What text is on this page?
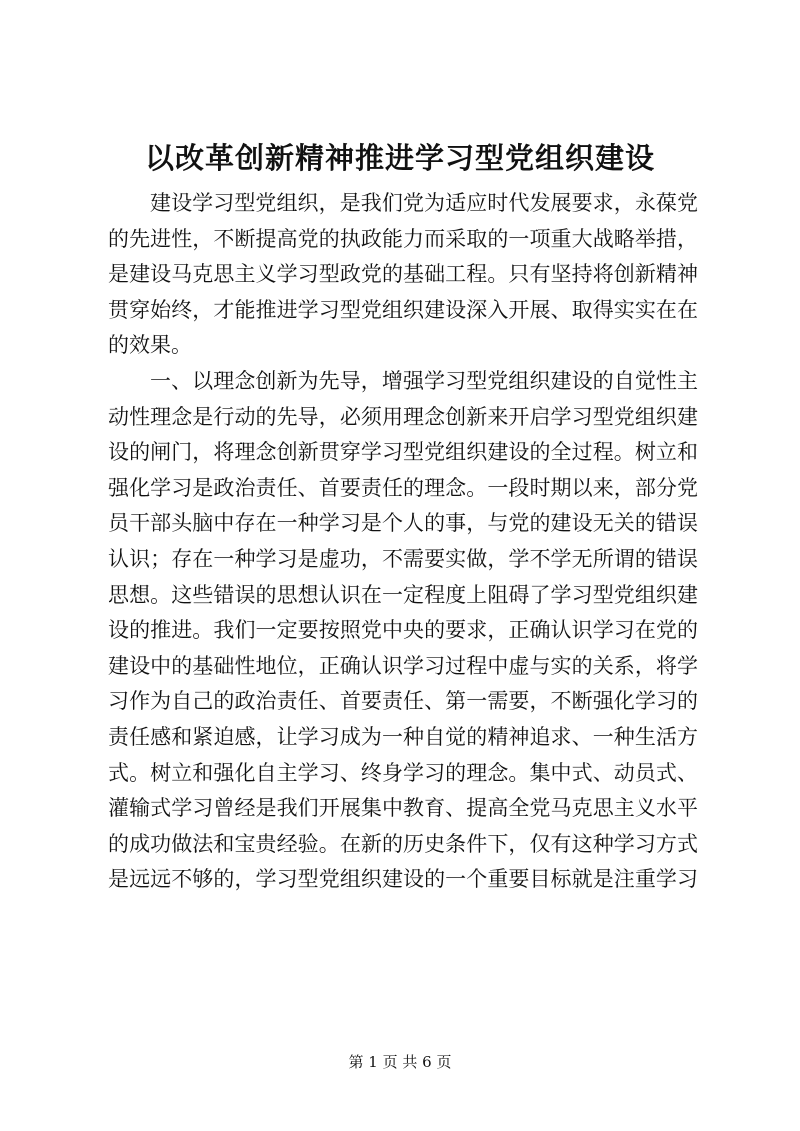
以改革创新精神推进学习型党组织建设
建设学习型党组织，是我们党为适应时代发展要求，永葆党
的先进性，不断提高党的执政能力而采取的一项重大战略举措，
是建设马克思主义学习型政党的基础工程。只有坚持将创新精神
贯穿始终，才能推进学习型党组织建设深入开展、取得实实在在
的效果。
一、以理念创新为先导，增强学习型党组织建设的自觉性主
动性理念是行动的先导，必须用理念创新来开启学习型党组织建
设的闸门，将理念创新贯穿学习型党组织建设的全过程。树立和
强化学习是政治责任、首要责任的理念。一段时期以来，部分党
员干部头脑中存在一种学习是个人的事，与党的建设无关的错误
认识；存在一种学习是虚功，不需要实做，学不学无所谓的错误
思想。这些错误的思想认识在一定程度上阻碍了学习型党组织建
设的推进。我们一定要按照党中央的要求，正确认识学习在党的
建设中的基础性地位，正确认识学习过程中虚与实的关系，将学
习作为自己的政治责任、首要责任、第一需要，不断强化学习的
责任感和紧迫感，让学习成为一种自觉的精神追求、一种生活方
式。树立和强化自主学习、终身学习的理念。集中式、动员式、
灌输式学习曾经是我们开展集中教育、提高全党马克思主义水平
的成功做法和宝贵经验。在新的历史条件下，仅有这种学习方式
是远远不够的，学习型党组织建设的一个重要目标就是注重学习
第 1 页 共 6 页
